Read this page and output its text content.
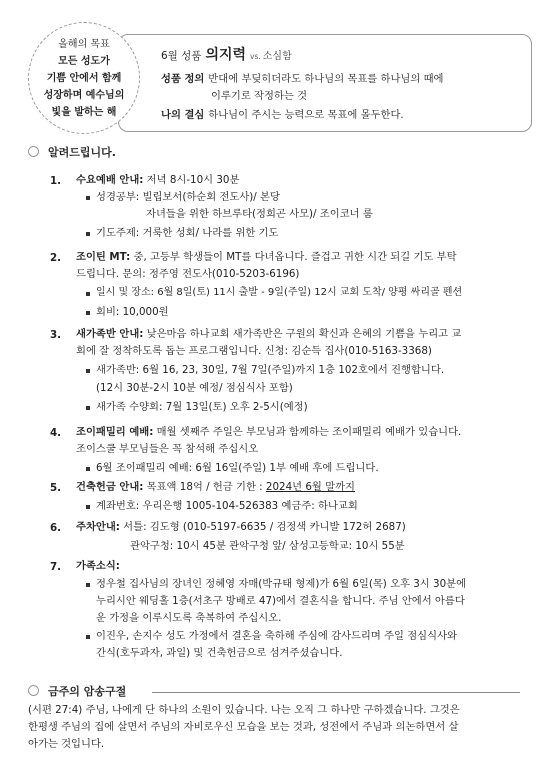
6월 성품 의지력 vs. 소심함
성품 정의 반대에 부딪히더라도 하나님의 목표를 하나님의 때에
이루기로 작정하는 것
나의 결심 하나님이 주시는 능력으로 목표에 몰두한다.
올해의 목표
모든 성도가
기쁨 안에서 함께
성장하며 예수님의
빛을 발하는 해
알려드립니다.
1. 수요예배 안내: 저녁 8시-10시 30분
성경공부: 빌립보서(하순회 전도사)/ 본당
자녀들을 위한 하브루타(정희곤 사모)/ 조이코너 룸
기도주제: 거룩한 성회/ 나라를 위한 기도
2. 조이틴 MT: 중, 고등부 학생들이 MT를 다녀옵니다. 즐겁고 귀한 시간 되길 기도 부탁
드립니다. 문의: 정주영 전도사(010-5203-6196)
일시 및 장소: 6월 8일(토) 11시 출발 - 9일(주일) 12시 교회 도착/ 양평 싸리골 펜션
회비: 10,000원
3. 새가족반 안내: 낮은마음 하나교회 새가족반은 구원의 확신과 은혜의 기쁨을 누리고 교
회에 잘 정착하도록 돕는 프로그램입니다. 신청: 김순득 집사(010-5163-3368)
새가족반: 6월 16, 23, 30일, 7월 7일(주일)까지 1층 102호에서 진행합니다.
(12시 30분-2시 10분 예정/ 점심식사 포함)
새가족 수양회: 7월 13일(토) 오후 2-5시(예정)
4. 조이패밀리 예배: 매월 셋째주 주일은 부모님과 함께하는 조이패밀리 예배가 있습니다.
조이스쿨 부모님들은 꼭 참석해 주십시오
6월 조이패밀리 예배: 6월 16일(주일) 1부 예배 후에 드립니다.
5. 건축헌금 안내: 목표액 18억 / 헌금 기한 : 2024년 6월 말까지
계좌번호: 우리은행 1005-104-526383 예금주: 하나교회
6. 주차안내: 서틀: 김도형 (010-5197-6635 / 검정색 카니발 172허 2687)
관악구청: 10시 45분 관악구청 앞/ 삼성고등학교: 10시 55분
7. 가족소식:
정우철 집사님의 장녀인 정혜영 자매(박규태 형제)가 6월 6일(목) 오후 3시 30분에
누리시안 웨딩홀 1층(서초구 방배로 47)에서 결혼식을 합니다. 주님 안에서 아름다
운 가정을 이루시도록 축복하여 주십시오.
이진우, 손지수 성도 가정에서 결혼을 축하해 주심에 감사드리며 주일 점심식사와
간식(호두과자, 과일) 및 건축헌금으로 섬겨주셨습니다.
금주의 암송구절
(시편 27:4) 주님, 나에게 단 하나의 소원이 있습니다. 나는 오직 그 하나만 구하겠습니다. 그것은
한평생 주님의 집에 살면서 주님의 자비로우신 모습을 보는 것과, 성전에서 주님과 의논하면서 살
아가는 것입니다.
